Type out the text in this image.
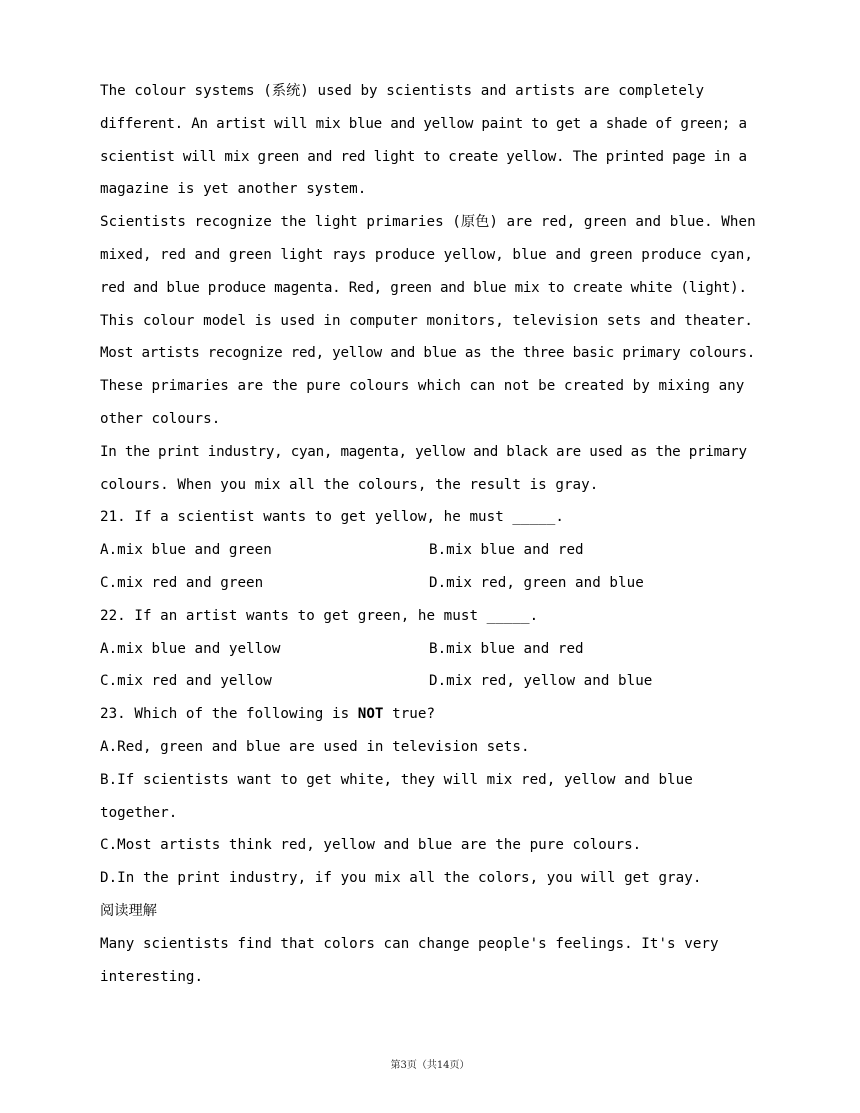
The colour systems (系统) used by scientists and artists are completely
different. An artist will mix blue and yellow paint to get a shade of green; a
scientist will mix green and red light to create yellow. The printed page in a
magazine is yet another system.
Scientists recognize the light primaries (原色) are red, green and blue. When
mixed, red and green light rays produce yellow, blue and green produce cyan,
red and blue produce magenta. Red, green and blue mix to create white (light).
This colour model is used in computer monitors, television sets and theater.
Most artists recognize red, yellow and blue as the three basic primary colours.
These primaries are the pure colours which can not be created by mixing any
other colours.
In the print industry, cyan, magenta, yellow and black are used as the primary
colours. When you mix all the colours, the result is gray.
21. If a scientist wants to get yellow, he must _____.
A.mix blue and green	B.mix blue and red
C.mix red and green	D.mix red, green and blue
22. If an artist wants to get green, he must _____.
A.mix blue and yellow	B.mix blue and red
C.mix red and yellow	D.mix red, yellow and blue
23. Which of the following is NOT true?
A.Red, green and blue are used in television sets.
B.If scientists want to get white, they will mix red, yellow and blue
together.
C.Most artists think red, yellow and blue are the pure colours.
D.In the print industry, if you mix all the colors, you will get gray.
阅读理解
Many scientists find that colors can change people's feelings. It's very
interesting.
第3页（共14页）
